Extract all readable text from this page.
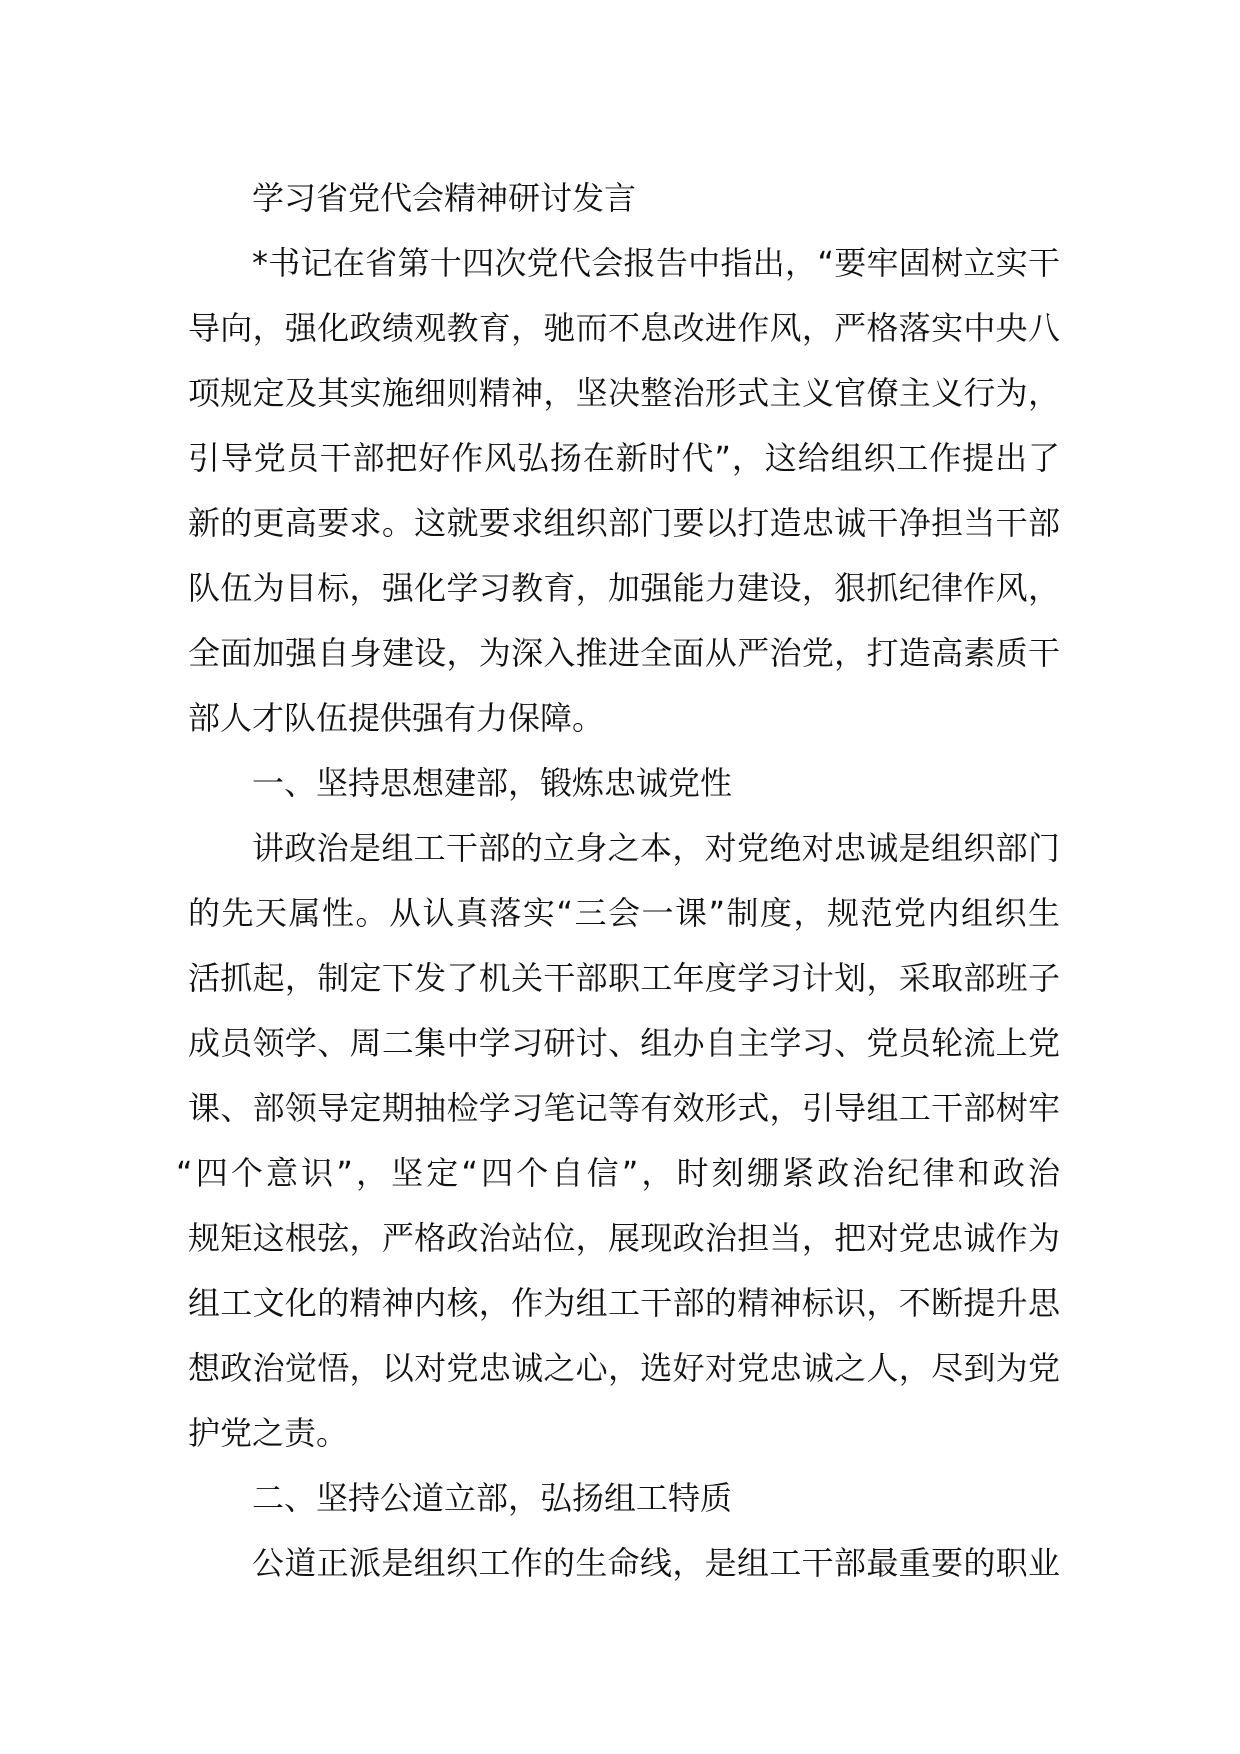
学习省党代会精神研讨发言
*书记在省第十四次党代会报告中指出，“要牢固树立实干
导向，强化政绩观教育，驰而不息改进作风，严格落实中央八
项规定及其实施细则精神，坚决整治形式主义官僚主义行为，
引导党员干部把好作风弘扬在新时代”，这给组织工作提出了
新的更高要求。这就要求组织部门要以打造忠诚干净担当干部
队伍为目标，强化学习教育，加强能力建设，狠抓纪律作风，
全面加强自身建设，为深入推进全面从严治党，打造高素质干
部人才队伍提供强有力保障。
一、坚持思想建部，锻炼忠诚党性
讲政治是组工干部的立身之本，对党绝对忠诚是组织部门
的先天属性。从认真落实“三会一课”制度，规范党内组织生
活抓起，制定下发了机关干部职工年度学习计划，采取部班子
成员领学、周二集中学习研讨、组办自主学习、党员轮流上党
课、部领导定期抽检学习笔记等有效形式，引导组工干部树牢
“四个意识”，坚定“四个自信”，时刻绷紧政治纪律和政治
规矩这根弦，严格政治站位，展现政治担当，把对党忠诚作为
组工文化的精神内核，作为组工干部的精神标识，不断提升思
想政治觉悟，以对党忠诚之心，选好对党忠诚之人，尽到为党
护党之责。
二、坚持公道立部，弘扬组工特质
公道正派是组织工作的生命线，是组工干部最重要的职业
